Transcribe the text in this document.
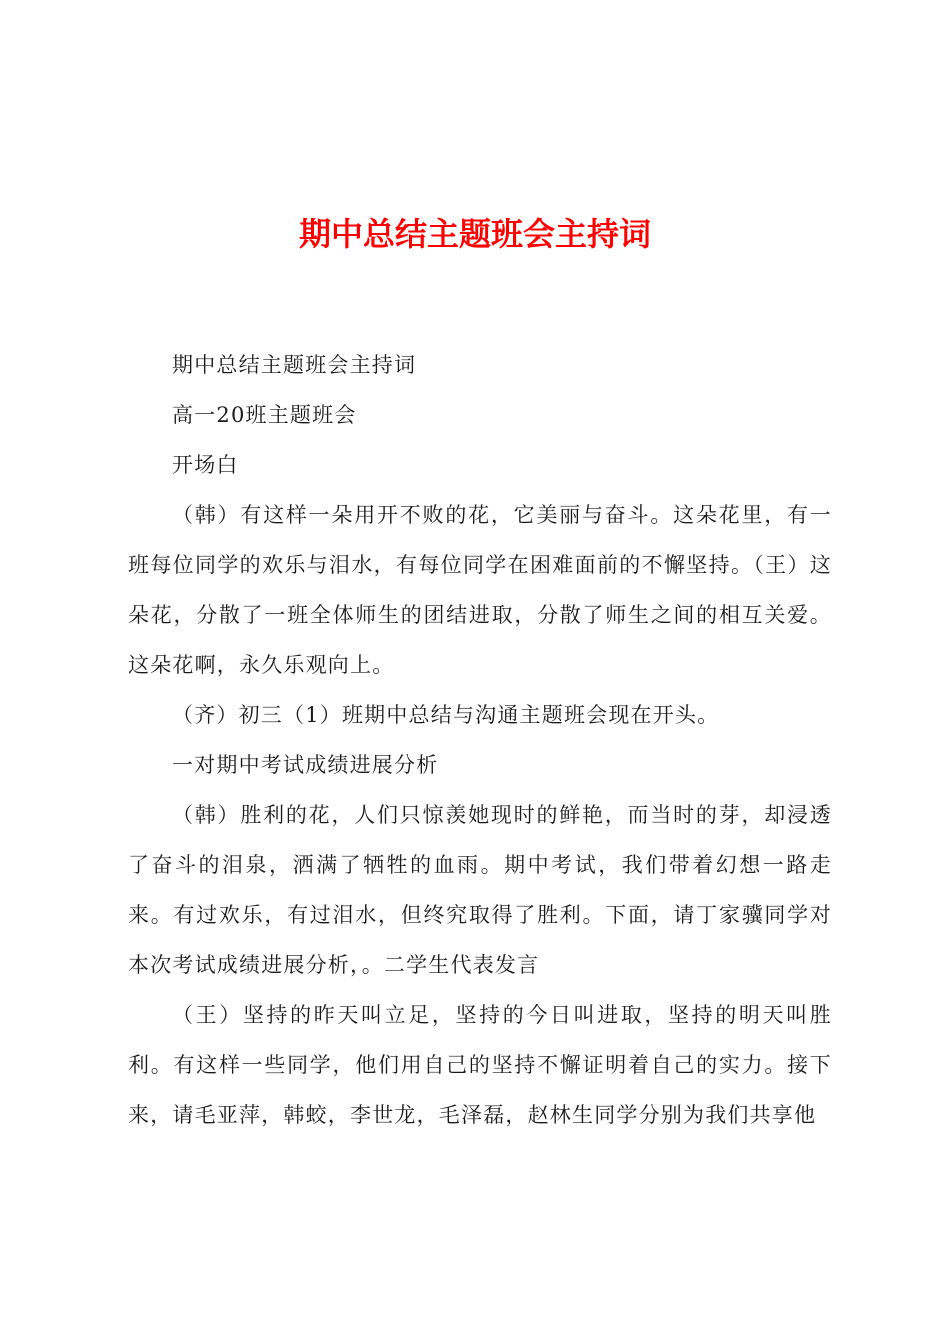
期中总结主题班会主持词

期中总结主题班会主持词

高一20班主题班会

开场白

（韩）有这样一朵用开不败的花，它美丽与奋斗。这朵花里，有一班每位同学的欢乐与泪水，有每位同学在困难面前的不懈坚持。（王）这朵花，分散了一班全体师生的团结进取，分散了师生之间的相互关爱。这朵花啊，永久乐观向上。

（齐）初三（1）班期中总结与沟通主题班会现在开头。

一对期中考试成绩进展分析

（韩）胜利的花，人们只惊羡她现时的鲜艳，而当时的芽，却浸透了奋斗的泪泉，洒满了牺牲的血雨。期中考试，我们带着幻想一路走来。有过欢乐，有过泪水，但终究取得了胜利。下面，请丁家骥同学对本次考试成绩进展分析，。二学生代表发言

（王）坚持的昨天叫立足，坚持的今日叫进取，坚持的明天叫胜利。有这样一些同学，他们用自己的坚持不懈证明着自己的实力。接下来，请毛亚萍，韩蛟，李世龙，毛泽磊，赵林生同学分别为我们共享他
